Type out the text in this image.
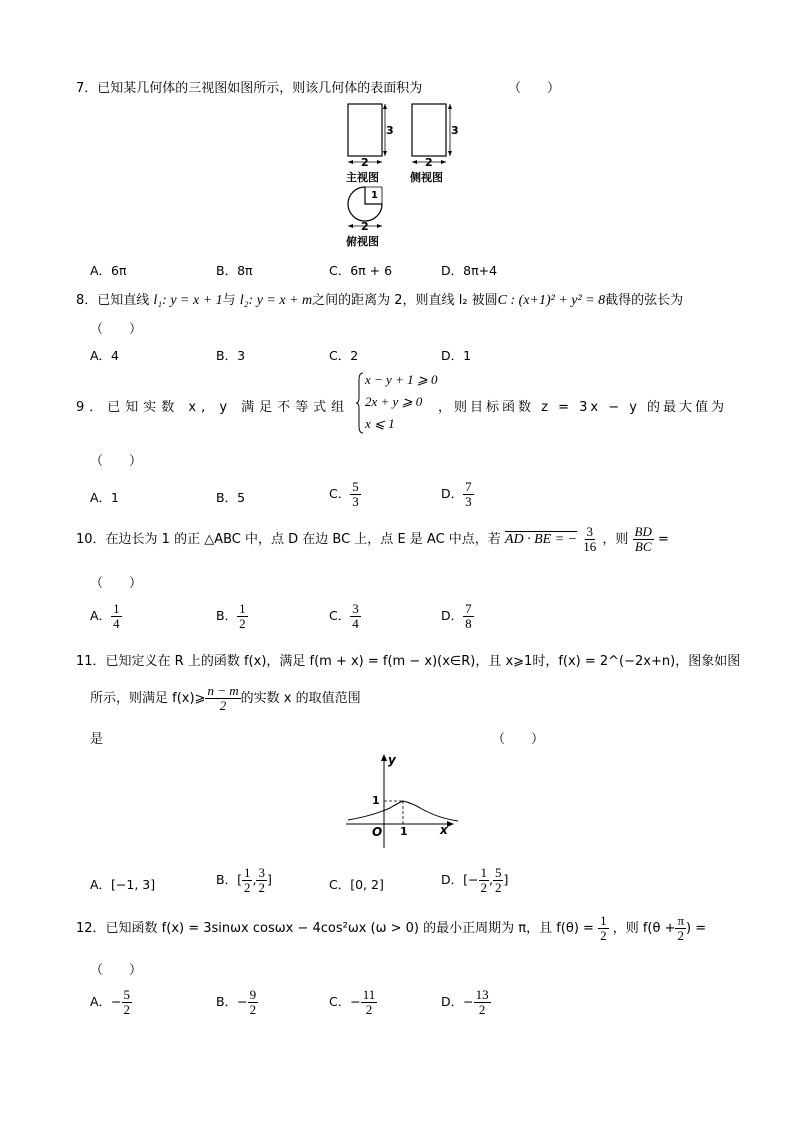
7．已知某几何体的三视图如图所示，则该几何体的表面积为	（　　）
3
2
主视图
3
2
侧视图
1
2
俯视图
A．6π	B．8π	C．6π + 6	D．8π+4
8．已知直线 l₁: y = x + 1与 l₂: y = x + m之间的距离为 2，则直线 l₂ 被圆C : (x+1)² + y² = 8截得的弦长为
（　　）
A．4	B．3	C．2	D．1
9．已知实数 x, y 满足不等式组
x − y + 1 ⩾ 0
2x + y ⩾ 0
x ⩽ 1
，则目标函数 z = 3x − y 的最大值为
（　　）
A．1	B．5	C． $\frac{5}{3}$	D． $\frac{7}{3}$
10．在边长为 1 的正 △ABC 中，点 D 在边 BC 上，点 E 是 AC 中点，若 AD · BE = − $\frac{3}{16}$ ，则 $\frac{BD}{BC}$ =
（　　）
A． $\frac{1}{4}$	B． $\frac{1}{2}$	C． $\frac{3}{4}$	D． $\frac{7}{8}$
11．已知定义在 R 上的函数 f(x)，满足 f(m + x) = f(m − x)(x∈R)，且 x⩾1时，f(x) = 2^(−2x+n)，图象如图
所示，则满足 f(x)⩾ $\frac{n - m}{2}$ 的实数 x 的取值范围
是	（　　）
y
x
O 1
1
A．[−1, 3]	B．[ $\frac{1}{2}$ , $\frac{3}{2}$ ]	C．[0, 2]	D．[− $\frac{1}{2}$ , $\frac{5}{2}$ ]
12．已知函数 f(x) = 3sinωx cosωx − 4cos²ωx (ω > 0) 的最小正周期为 π，且 $f(\theta) = \frac{1}{2}$ ，则 $f(\theta + \frac{\pi}{2}$ ) =
（　　）
A．− $\frac{5}{2}$	B．− $\frac{9}{2}$	C．− $\frac{11}{2}$	D．− $\frac{13}{2}$
